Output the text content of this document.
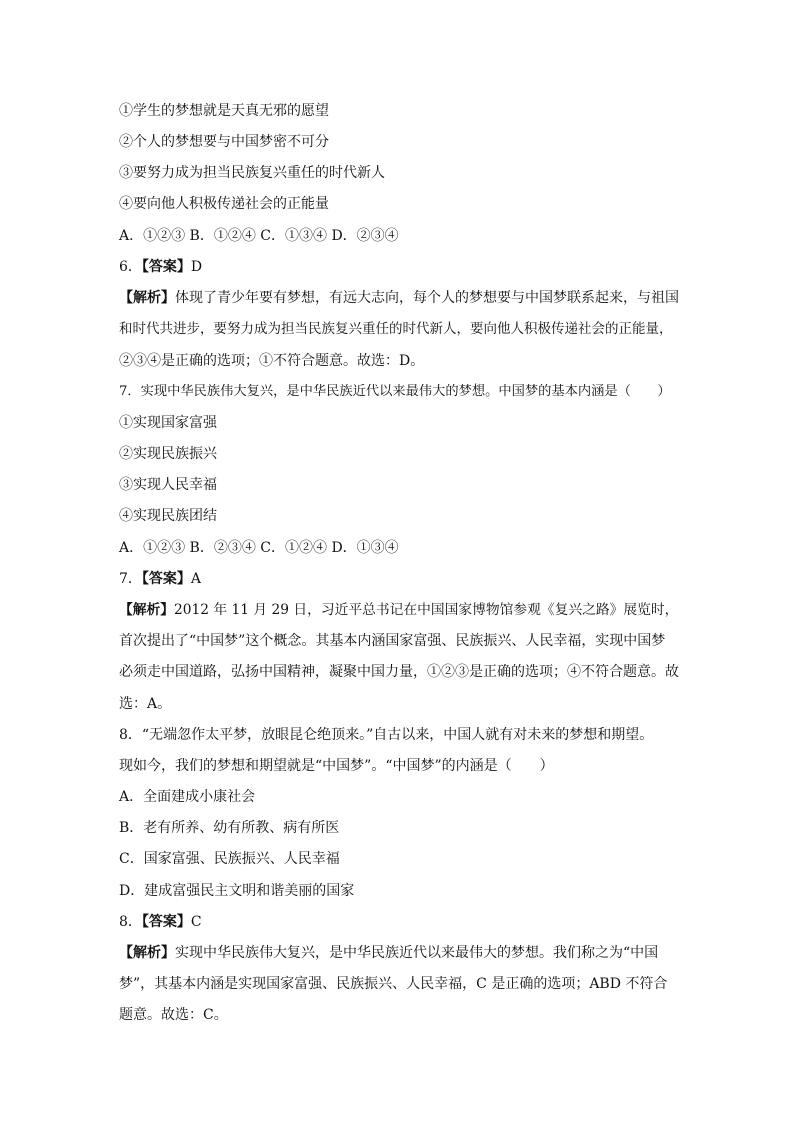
①学生的梦想就是天真无邪的愿望
②个人的梦想要与中国梦密不可分
③要努力成为担当民族复兴重任的时代新人
④要向他人积极传递社会的正能量
A．①②③ B．①②④ C．①③④ D．②③④
6．【答案】D
【解析】体现了青少年要有梦想，有远大志向，每个人的梦想要与中国梦联系起来，与祖国
和时代共进步，要努力成为担当民族复兴重任的时代新人，要向他人积极传递社会的正能量，
②③④是正确的选项；①不符合题意。故选：D。
7．实现中华民族伟大复兴，是中华民族近代以来最伟大的梦想。中国梦的基本内涵是（　　）
①实现国家富强
②实现民族振兴
③实现人民幸福
④实现民族团结
A．①②③ B．②③④ C．①②④ D．①③④
7．【答案】A
【解析】2012 年 11 月 29 日，习近平总书记在中国国家博物馆参观《复兴之路》展览时，
首次提出了“中国梦”这个概念。其基本内涵国家富强、民族振兴、人民幸福，实现中国梦
必须走中国道路，弘扬中国精神，凝聚中国力量，①②③是正确的选项；④不符合题意。故
选：A。
8．“无端忽作太平梦，放眼昆仑绝顶来。”自古以来，中国人就有对未来的梦想和期望。
现如今，我们的梦想和期望就是“中国梦”。“中国梦”的内涵是（　　）
A．全面建成小康社会
B．老有所养、幼有所教、病有所医
C．国家富强、民族振兴、人民幸福
D．建成富强民主文明和谐美丽的国家
8．【答案】C
【解析】实现中华民族伟大复兴，是中华民族近代以来最伟大的梦想。我们称之为“中国
梦”，其基本内涵是实现国家富强、民族振兴、人民幸福，C 是正确的选项；ABD 不符合
题意。故选：C。
